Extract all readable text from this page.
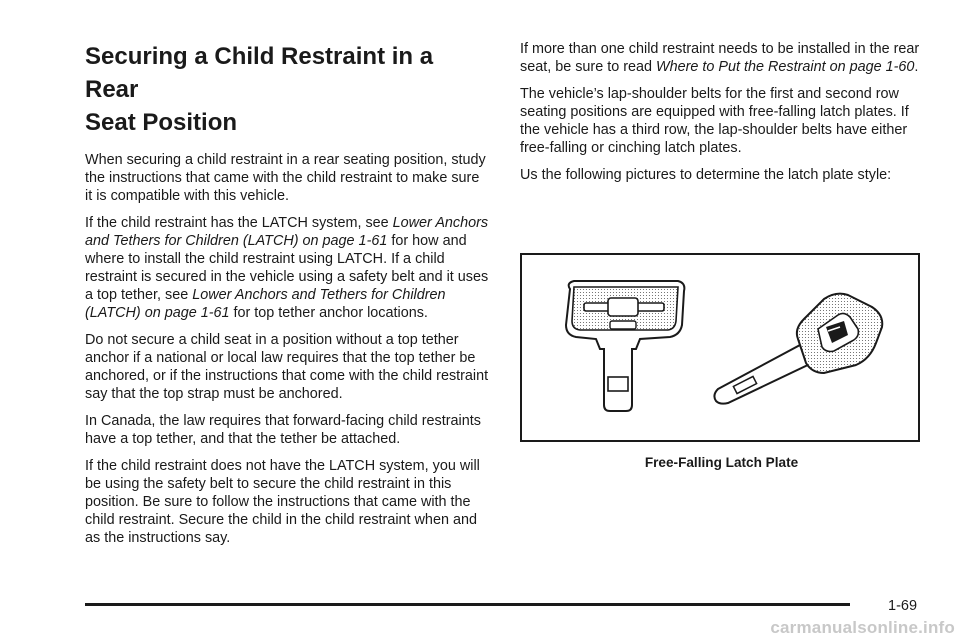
Securing a Child Restraint in a Rear
Seat Position

When securing a child restraint in a rear seating position, study the instructions that came with the child restraint to make sure it is compatible with this vehicle.

If the child restraint has the LATCH system, see Lower Anchors and Tethers for Children (LATCH) on page 1-61 for how and where to install the child restraint using LATCH. If a child restraint is secured in the vehicle using a safety belt and it uses a top tether, see Lower Anchors and Tethers for Children (LATCH) on page 1-61 for top tether anchor locations.

Do not secure a child seat in a position without a top tether anchor if a national or local law requires that the top tether be anchored, or if the instructions that come with the child restraint say that the top strap must be anchored.

In Canada, the law requires that forward-facing child restraints have a top tether, and that the tether be attached.

If the child restraint does not have the LATCH system, you will be using the safety belt to secure the child restraint in this position. Be sure to follow the instructions that came with the child restraint. Secure the child in the child restraint when and as the instructions say.

If more than one child restraint needs to be installed in the rear seat, be sure to read Where to Put the Restraint on page 1-60.

The vehicle’s lap-shoulder belts for the first and second row seating positions are equipped with free-falling latch plates. If the vehicle has a third row, the lap-shoulder belts have either free-falling or cinching latch plates.

Us the following pictures to determine the latch plate style:

Free-Falling Latch Plate
1-69
carmanualsonline.info
